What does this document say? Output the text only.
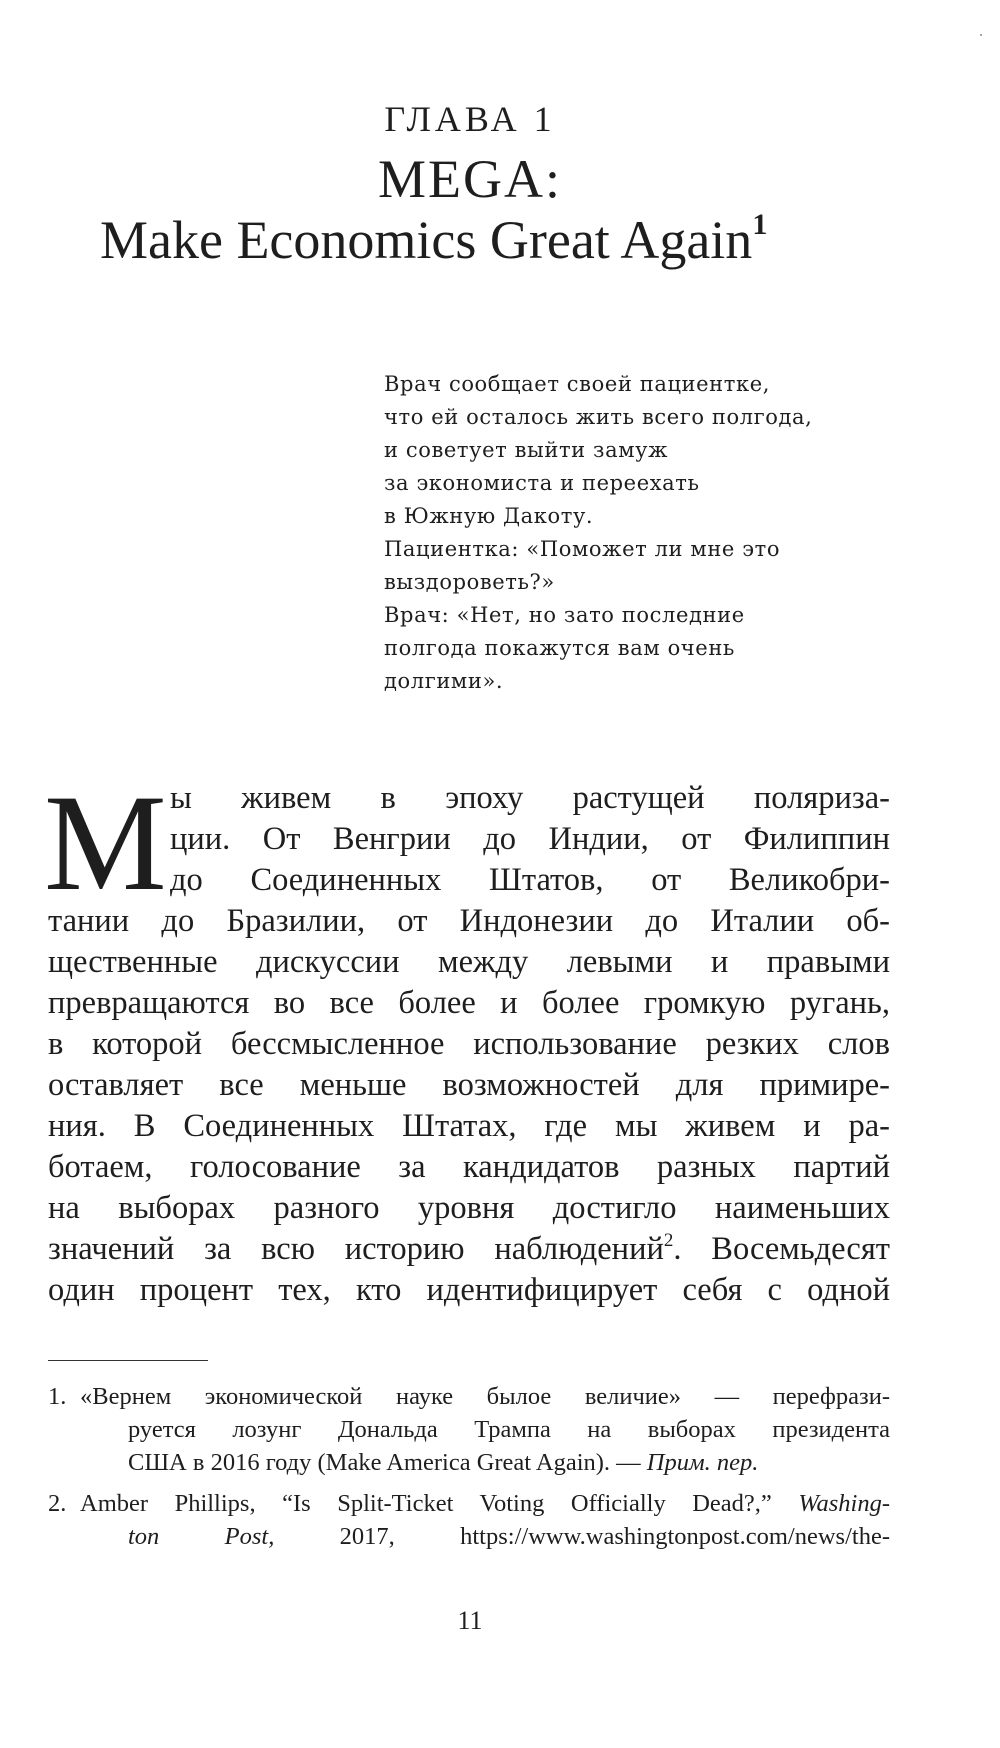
ГЛАВА 1
MEGA:
Make Economics Great Again$^1$
Врач сообщает своей пациентке,
что ей осталось жить всего полгода,
и советует выйти замуж
за экономиста и переехать
в Южную Дакоту.
Пациентка: «Поможет ли мне это
выздороветь?»
Врач: «Нет, но зато последние
полгода покажутся вам очень
долгими».
М ы живем в эпоху растущей поляриза-
ции. От Венгрии до Индии, от Филиппин
до Соединенных Штатов, от Великобри-
тании до Бразилии, от Индонезии до Италии об-
щественные дискуссии между левыми и правыми
превращаются во все более и более громкую ругань,
в которой бессмысленное использование резких слов
оставляет все меньше возможностей для примире-
ния. В Соединенных Штатах, где мы живем и ра-
ботаем, голосование за кандидатов разных партий
на выборах разного уровня достигло наименьших
значений за всю историю наблюдений$^2$. Восемьдесят
один процент тех, кто идентифицирует себя с одной
1. «Вернем экономической науке былое величие» — перефрази-
руется лозунг Дональда Трампа на выборах президента
США в 2016 году (Make America Great Again). — Прим. пер.
2. Amber Phillips, “Is Split-Ticket Voting Officially Dead?,” Washing-
ton Post, 2017, https://www.washingtonpost.com/news/the-
11
